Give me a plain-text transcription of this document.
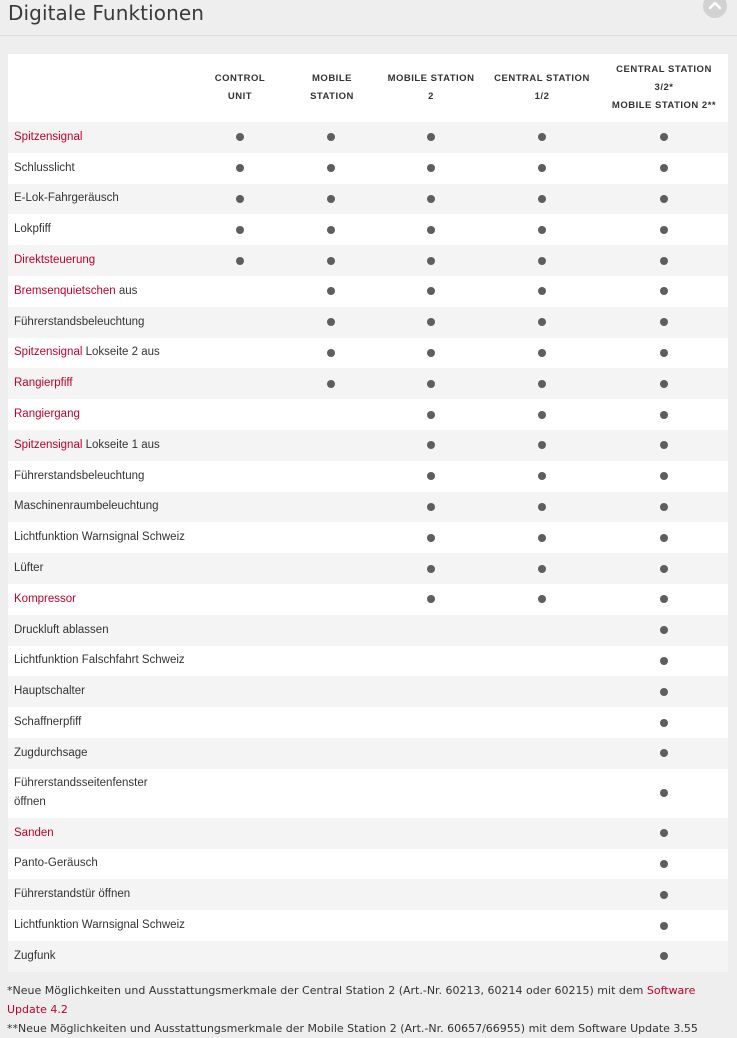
Digitale Funktionen
CONTROL
UNIT
MOBILE
STATION
MOBILE STATION
2
CENTRAL STATION
1/2
CENTRAL STATION
3/2*
MOBILE STATION 2**
Spitzensignal
Schlusslicht
E-Lok-Fahrgeräusch
Lokpfiff
Direktsteuerung
Bremsenquietschen aus
Führerstandsbeleuchtung
Spitzensignal Lokseite 2 aus
Rangierpfiff
Rangiergang
Spitzensignal Lokseite 1 aus
Führerstandsbeleuchtung
Maschinenraumbeleuchtung
Lichtfunktion Warnsignal Schweiz
Lüfter
Kompressor
Druckluft ablassen
Lichtfunktion Falschfahrt Schweiz
Hauptschalter
Schaffnerpfiff
Zugdurchsage
Führerstandsseitenfenster
öffnen
Sanden
Panto-Geräusch
Führerstandstür öffnen
Lichtfunktion Warnsignal Schweiz
Zugfunk
*Neue Möglichkeiten und Ausstattungsmerkmale der Central Station 2 (Art.-Nr. 60213, 60214 oder 60215) mit dem Software Update 4.2
**Neue Möglichkeiten und Ausstattungsmerkmale der Mobile Station 2 (Art.-Nr. 60657/66955) mit dem Software Update 3.55
